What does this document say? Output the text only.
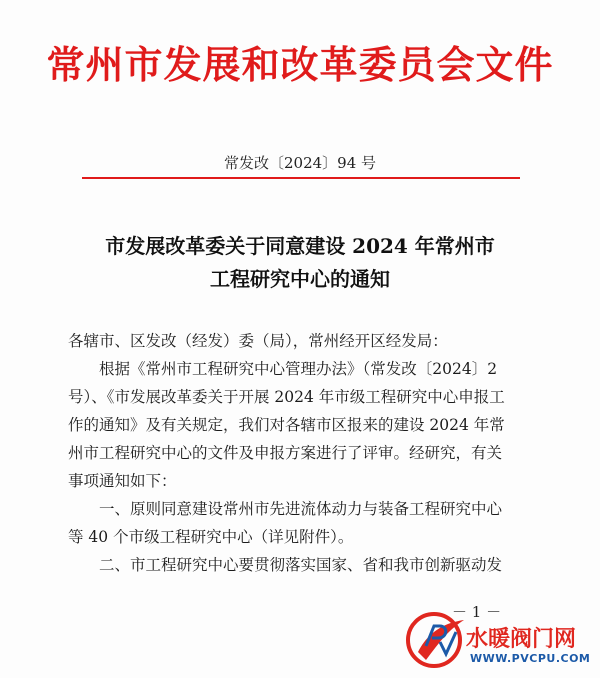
常州市发展和改革委员会文件
常发改〔2024〕94 号
市发展改革委关于同意建设 2024 年常州市
工程研究中心的通知
各辖市、区发改（经发）委（局），常州经开区经发局：
根据《常州市工程研究中心管理办法》（常发改〔2024〕2
号）、《市发展改革委关于开展 2024 年市级工程研究中心申报工
作的通知》及有关规定，我们对各辖市区报来的建设 2024 年常
州市工程研究中心的文件及申报方案进行了评审。经研究，有关
事项通知如下：
一、原则同意建设常州市先进流体动力与装备工程研究中心
等 40 个市级工程研究中心（详见附件）。
二、市工程研究中心要贯彻落实国家、省和我市创新驱动发
－ 1 －
水暖阀门网
WWW.PVCPU.COM
